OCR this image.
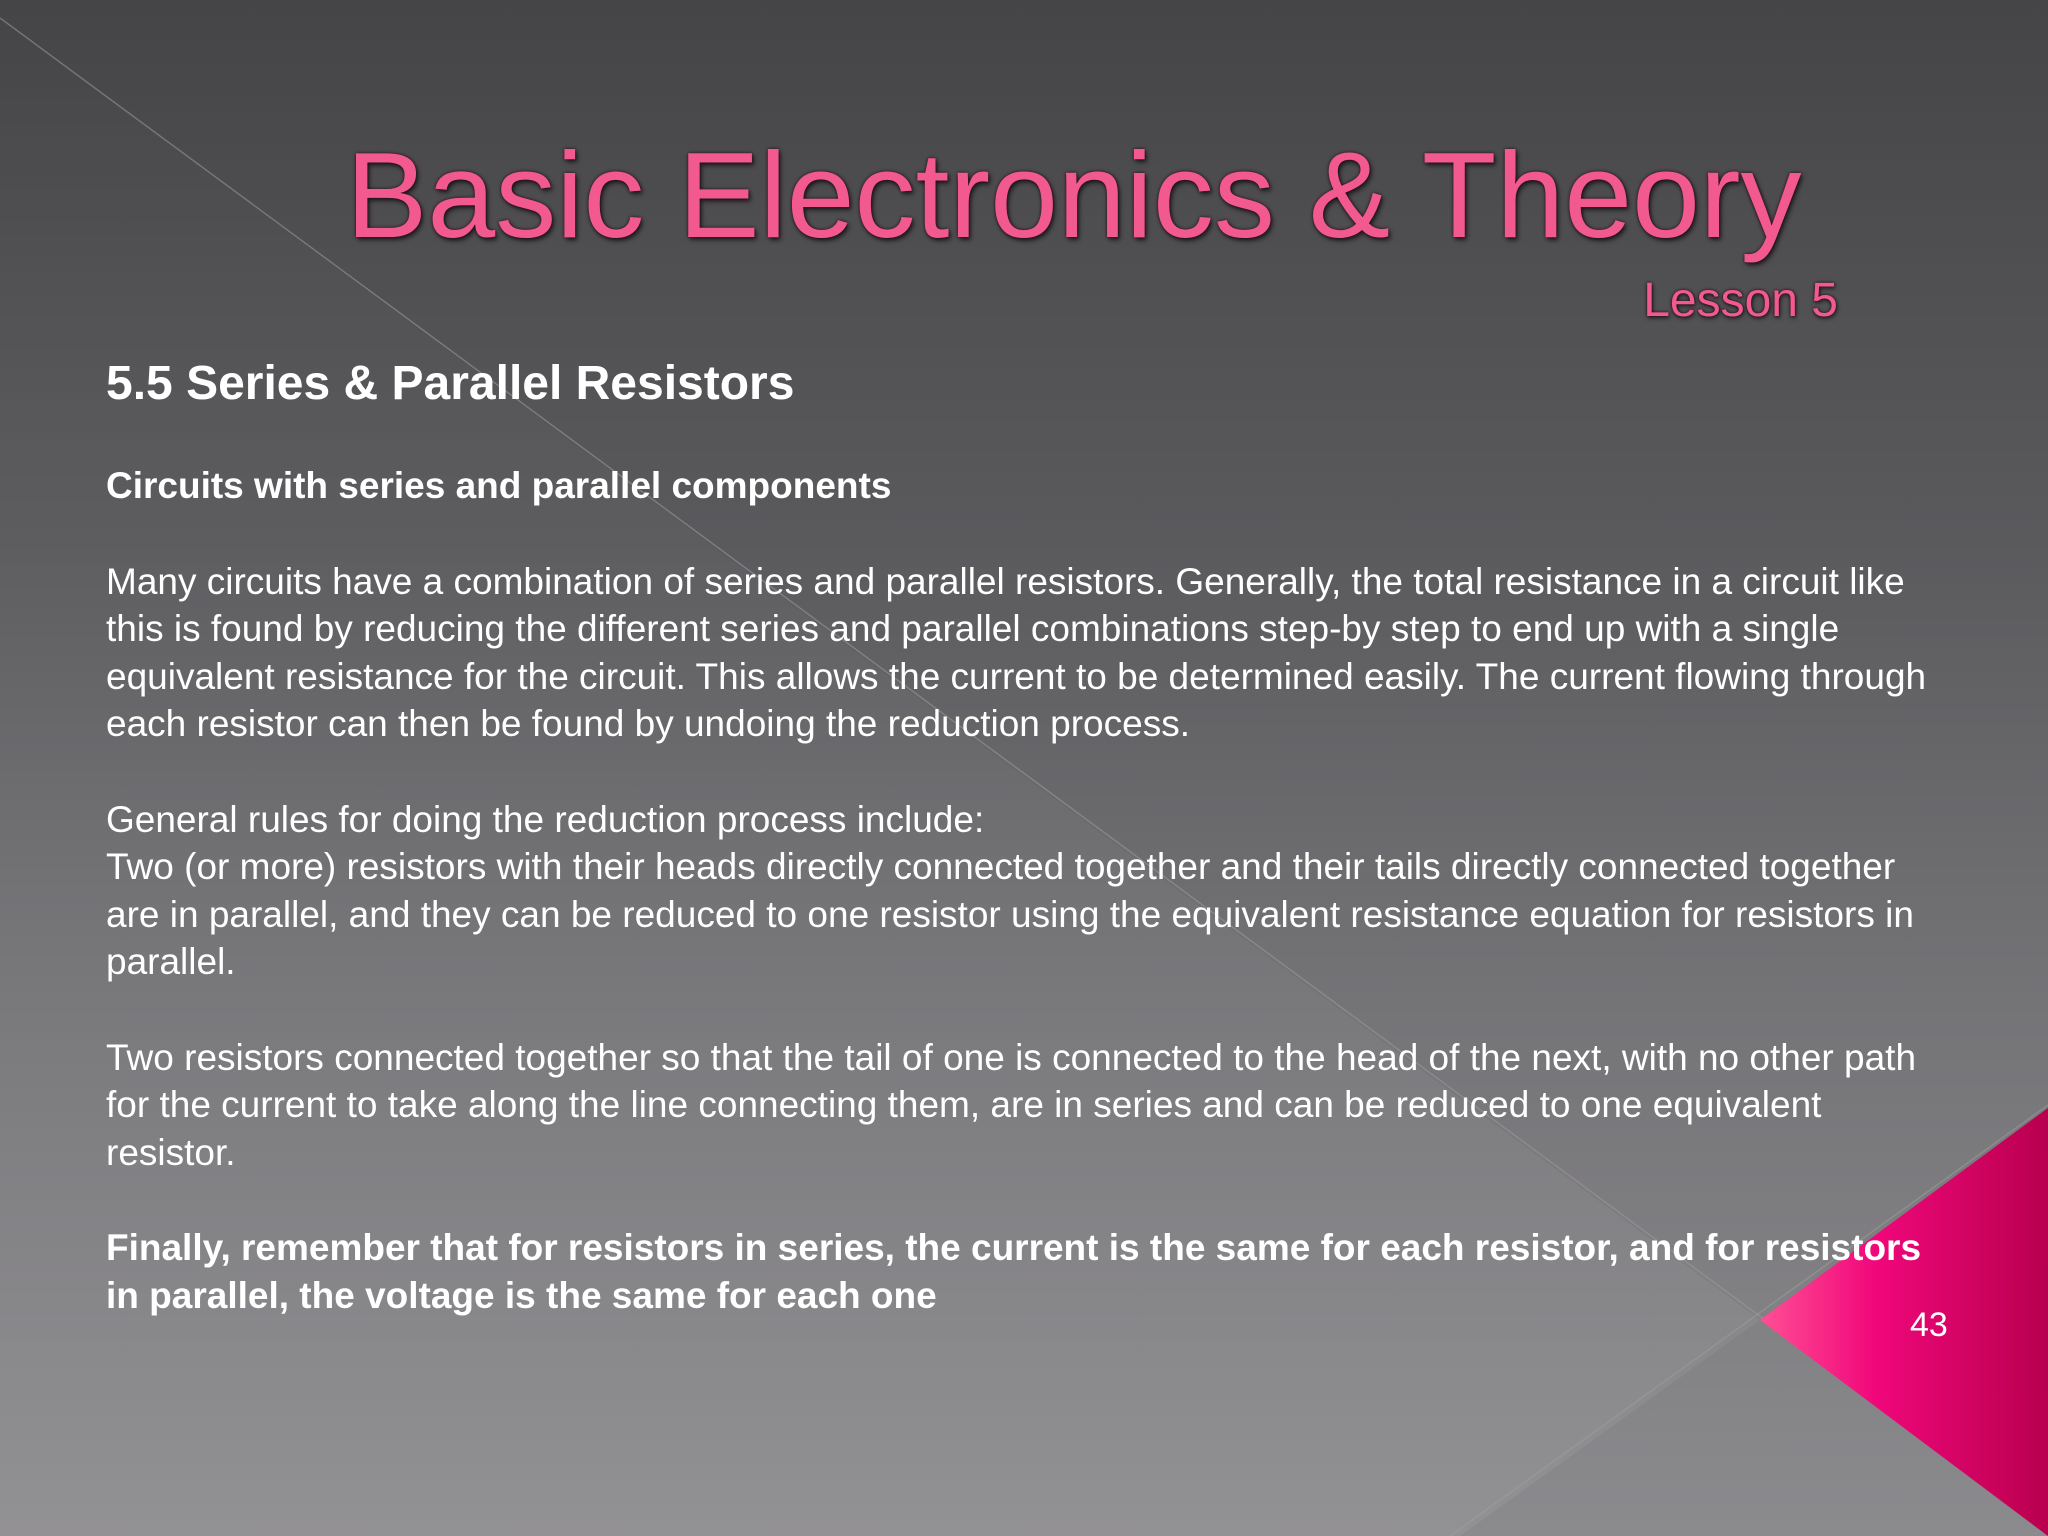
Basic Electronics & Theory
Lesson 5
5.5 Series & Parallel Resistors
Circuits with series and parallel components

Many circuits have a combination of series and parallel resistors. Generally, the total resistance in a circuit like this is found by reducing the different series and parallel combinations step-by step to end up with a single equivalent resistance for the circuit. This allows the current to be determined easily. The current flowing through each resistor can then be found by undoing the reduction process.

General rules for doing the reduction process include:

Two (or more) resistors with their heads directly connected together and their tails directly connected together are in parallel, and they can be reduced to one resistor using the equivalent resistance equation for resistors in parallel.

Two resistors connected together so that the tail of one is connected to the head of the next, with no other path for the current to take along the line connecting them, are in series and can be reduced to one equivalent resistor.

Finally, remember that for resistors in series, the current is the same for each resistor, and for resistors in parallel, the voltage is the same for each one

43
